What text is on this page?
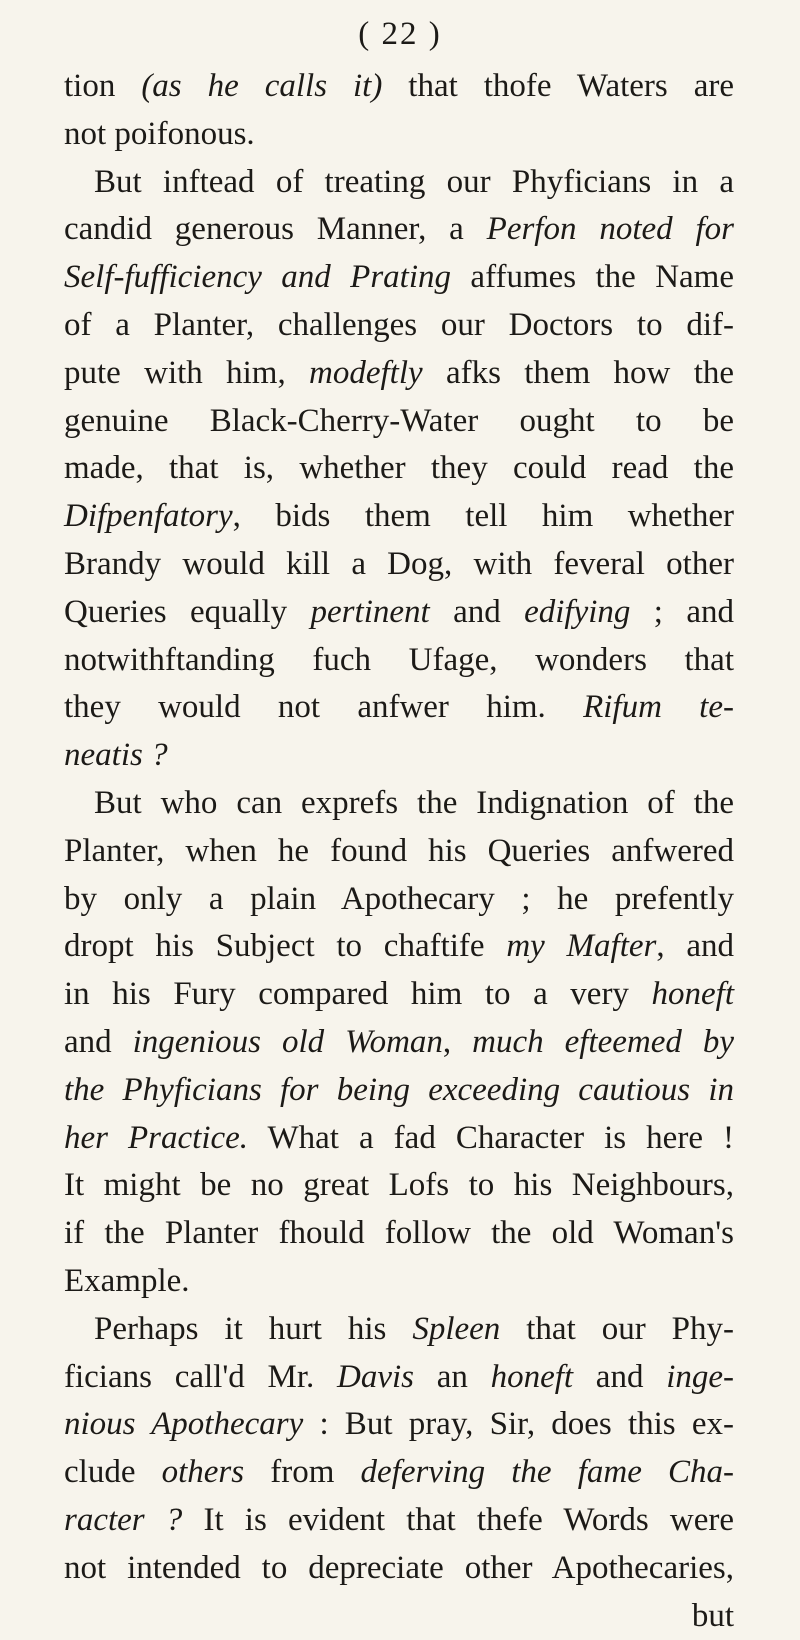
( 22 )
tion (as he calls it) that thofe Waters are
not poifonous.
But inftead of treating our Phyficians in a
candid generous Manner, a Perfon noted for
Self-fufficiency and Prating affumes the Name
of a Planter, challenges our Doctors to dif-
pute with him, modeftly afks them how the
genuine Black-Cherry-Water ought to be
made, that is, whether they could read the
Difpenfatory, bids them tell him whether
Brandy would kill a Dog, with feveral other
Queries equally pertinent and edifying ; and
notwithftanding fuch Ufage, wonders that
they would not anfwer him. Rifum te-
neatis ?
But who can exprefs the Indignation of the
Planter, when he found his Queries anfwered
by only a plain Apothecary ; he prefently
dropt his Subject to chaftife my Mafter, and
in his Fury compared him to a very honeft
and ingenious old Woman, much efteemed by
the Phyficians for being exceeding cautious in
her Practice. What a fad Character is here !
It might be no great Lofs to his Neighbours,
if the Planter fhould follow the old Woman's
Example.
Perhaps it hurt his Spleen that our Phy-
ficians call'd Mr. Davis an honeft and inge-
nious Apothecary : But pray, Sir, does this ex-
clude others from deferving the fame Cha-
racter ? It is evident that thefe Words were
not intended to depreciate other Apothecaries,
but
